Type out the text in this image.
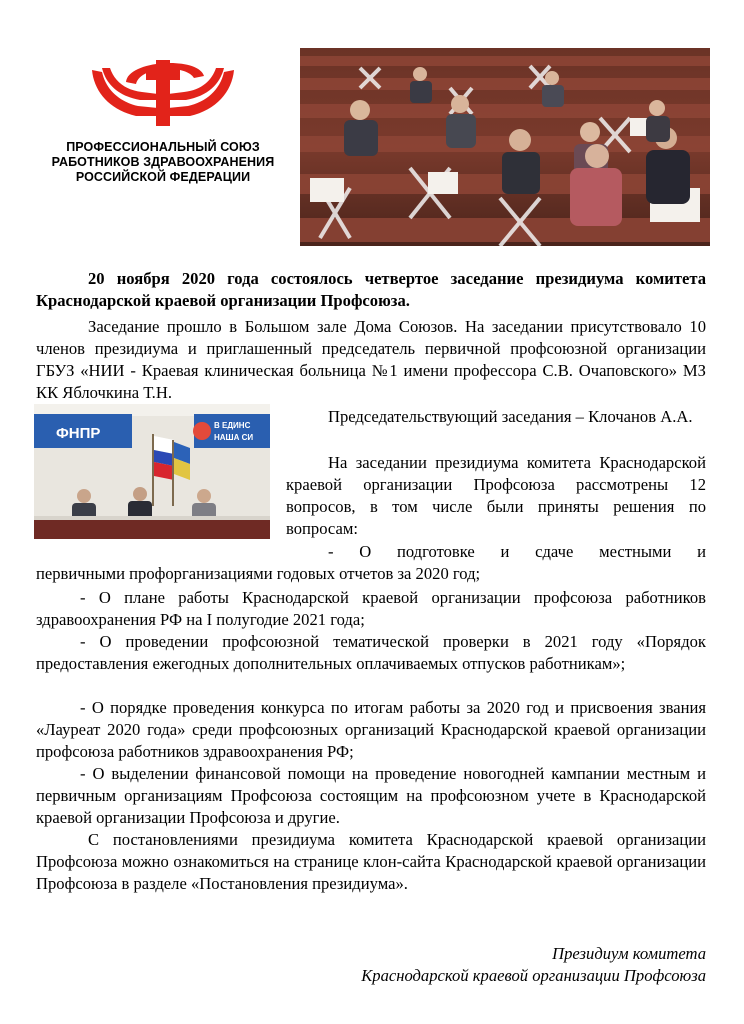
ПРОФЕССИОНАЛЬНЫЙ СОЮЗ
РАБОТНИКОВ ЗДРАВООХРАНЕНИЯ
РОССИЙСКОЙ ФЕДЕРАЦИИ
ФНПР	В ЕДИНС
НАША СИ

20 ноября 2020 года состоялось четвертое заседание президиума комитета Краснодарской краевой организации Профсоюза.

Заседание прошло в Большом зале Дома Союзов. На заседании присутствовало 10 членов президиума и приглашенный председатель первичной профсоюзной организации ГБУЗ «НИИ - Краевая клиническая больница №1 имени профессора С.В. Очаповского» МЗ КК Яблочкина Т.Н.

Председательствующий заседания – Клочанов А.А.

На заседании президиума комитета Краснодарской краевой организации Профсоюза рассмотрены 12 вопросов, в том числе были приняты решения по вопросам:

- О подготовке и сдаче местными и

первичными профорганизациями годовых отчетов за 2020 год;

- О плане работы Краснодарской краевой организации профсоюза работников здравоохранения РФ на I полугодие 2021 года;

- О проведении профсоюзной тематической проверки в 2021 году «Порядок предоставления ежегодных дополнительных оплачиваемых отпусков работникам»;

- О порядке проведения конкурса по итогам работы за 2020 год и присвоения звания «Лауреат 2020 года» среди профсоюзных организаций Краснодарской краевой организации профсоюза работников здравоохранения РФ;

- О выделении финансовой помощи на проведение новогодней кампании местным и первичным организациям Профсоюза состоящим на профсоюзном учете в Краснодарской краевой организации Профсоюза и другие.

С постановлениями президиума комитета Краснодарской краевой организации Профсоюза можно ознакомиться на странице клон-сайта Краснодарской краевой организации Профсоюза в разделе «Постановления президиума».

Президиум комитета
Краснодарской краевой организации Профсоюза
